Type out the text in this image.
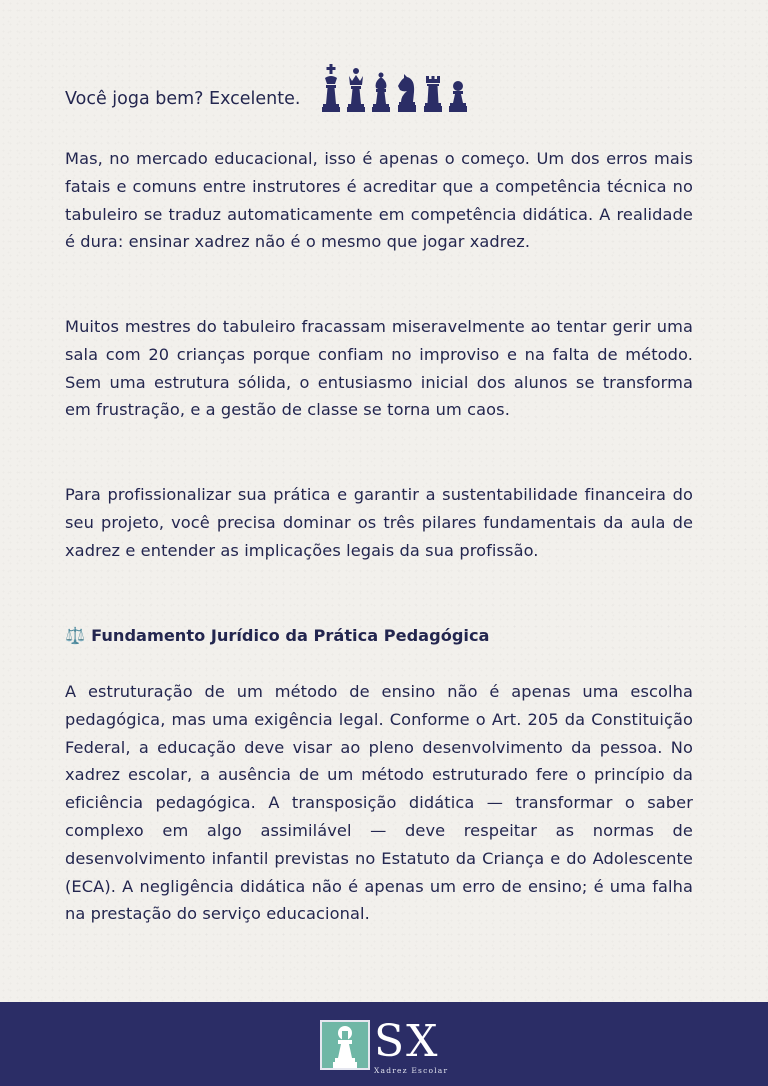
Você joga bem? Excelente.

Mas, no mercado educacional, isso é apenas o começo. Um dos erros mais fatais e comuns entre instrutores é acreditar que a competência técnica no tabuleiro se traduz automaticamente em competência didática. A realidade é dura: ensinar xadrez não é o mesmo que jogar xadrez.

Muitos mestres do tabuleiro fracassam miseravelmente ao tentar gerir uma sala com 20 crianças porque confiam no improviso e na falta de método. Sem uma estrutura sólida, o entusiasmo inicial dos alunos se transforma em frustração, e a gestão de classe se torna um caos.

Para profissionalizar sua prática e garantir a sustentabilidade financeira do seu projeto, você precisa dominar os três pilares fundamentais da aula de xadrez e entender as implicações legais da sua profissão.

⚖️ Fundamento Jurídico da Prática Pedagógica

A estruturação de um método de ensino não é apenas uma escolha pedagógica, mas uma exigência legal. Conforme o Art. 205 da Constituição Federal, a educação deve visar ao pleno desenvolvimento da pessoa. No xadrez escolar, a ausência de um método estruturado fere o princípio da eficiência pedagógica. A transposição didática — transformar o saber complexo em algo assimilável — deve respeitar as normas de desenvolvimento infantil previstas no Estatuto da Criança e do Adolescente (ECA). A negligência didática não é apenas um erro de ensino; é uma falha na prestação do serviço educacional.

SX
Xadrez Escolar
